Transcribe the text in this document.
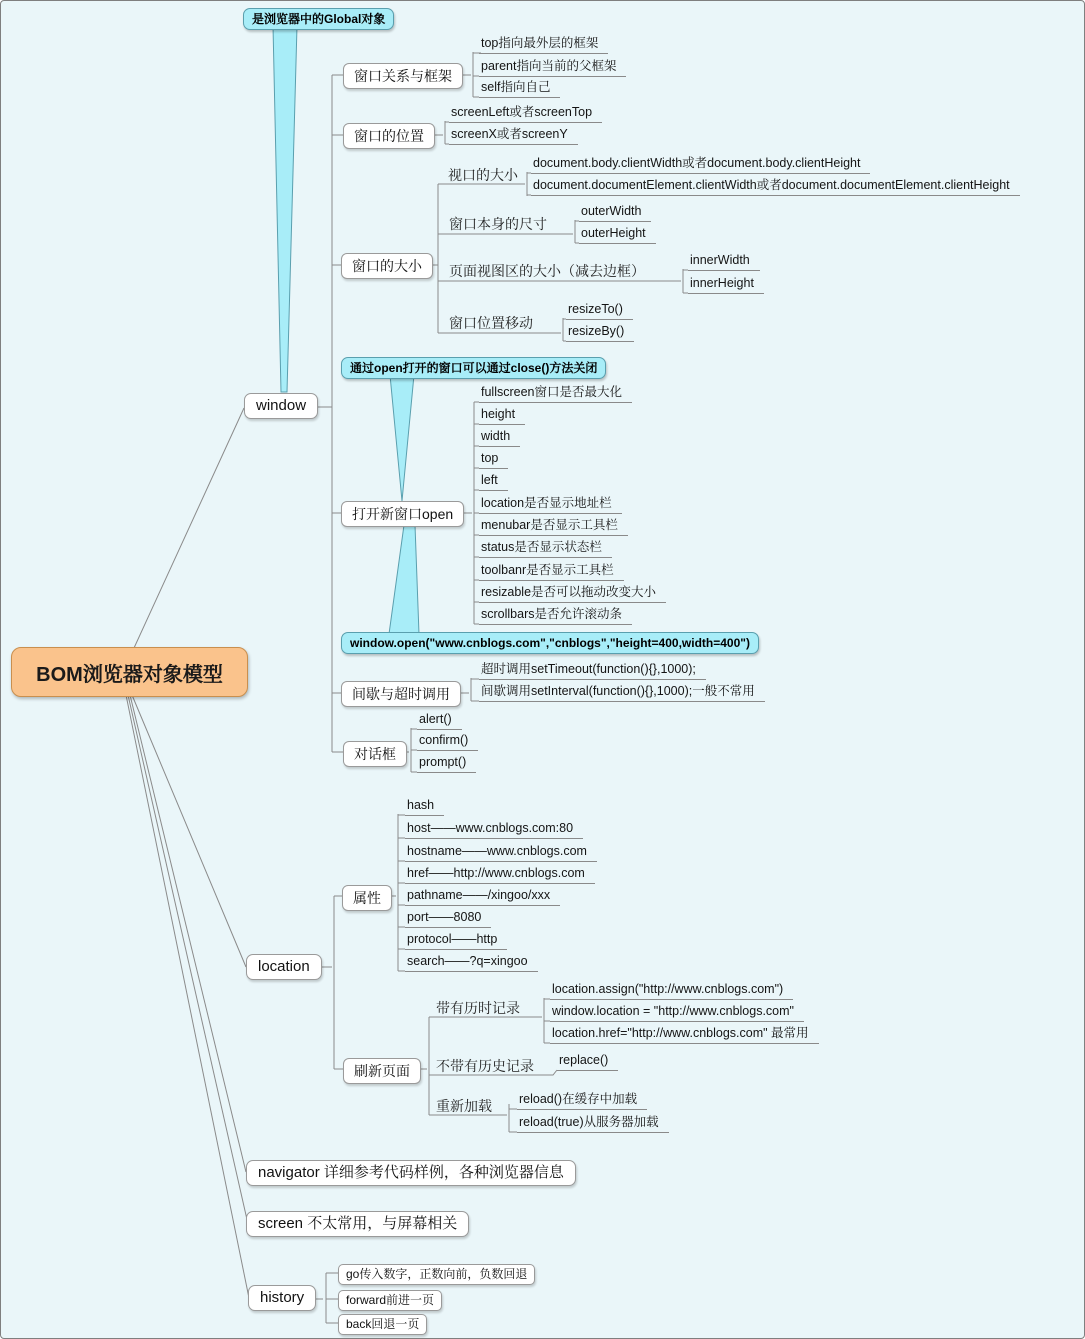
BOM浏览器对象模型
window
location
navigator 详细参考代码样例，各种浏览器信息
screen 不太常用，与屏幕相关
history
是浏览器中的Global对象
通过open打开的窗口可以通过close()方法关闭
window.open("www.cnblogs.com","cnblogs","height=400,width=400")
窗口关系与框架
窗口的位置
窗口的大小
打开新窗口open
间歇与超时调用
对话框
top指向最外层的框架
parent指向当前的父框架
self指向自己
screenLeft或者screenTop
screenX或者screenY
视口的大小
document.body.clientWidth或者document.body.clientHeight
document.documentElement.clientWidth或者document.documentElement.clientHeight
窗口本身的尺寸
outerWidth
outerHeight
页面视图区的大小（减去边框）
innerWidth
innerHeight
窗口位置移动
resizeTo()
resizeBy()
fullscreen窗口是否最大化
height
width
top
left
location是否显示地址栏
menubar是否显示工具栏
status是否显示状态栏
toolbanr是否显示工具栏
resizable是否可以拖动改变大小
scrollbars是否允许滚动条
超时调用setTimeout(function(){},1000);
间歇调用setInterval(function(){},1000);一般不常用
alert()
confirm()
prompt()
属性
刷新页面
hash
host——www.cnblogs.com:80
hostname——www.cnblogs.com
href——http://www.cnblogs.com
pathname——/xingoo/xxx
port——8080
protocol——http
search——?q=xingoo
带有历时记录
location.assign("http://www.cnblogs.com")
window.location = "http://www.cnblogs.com"
location.href="http://www.cnblogs.com" 最常用
不带有历史记录 replace()
重新加载 reload()在缓存中加载
reload(true)从服务器加载
go传入数字，正数向前，负数回退
forward前进一页
back回退一页
